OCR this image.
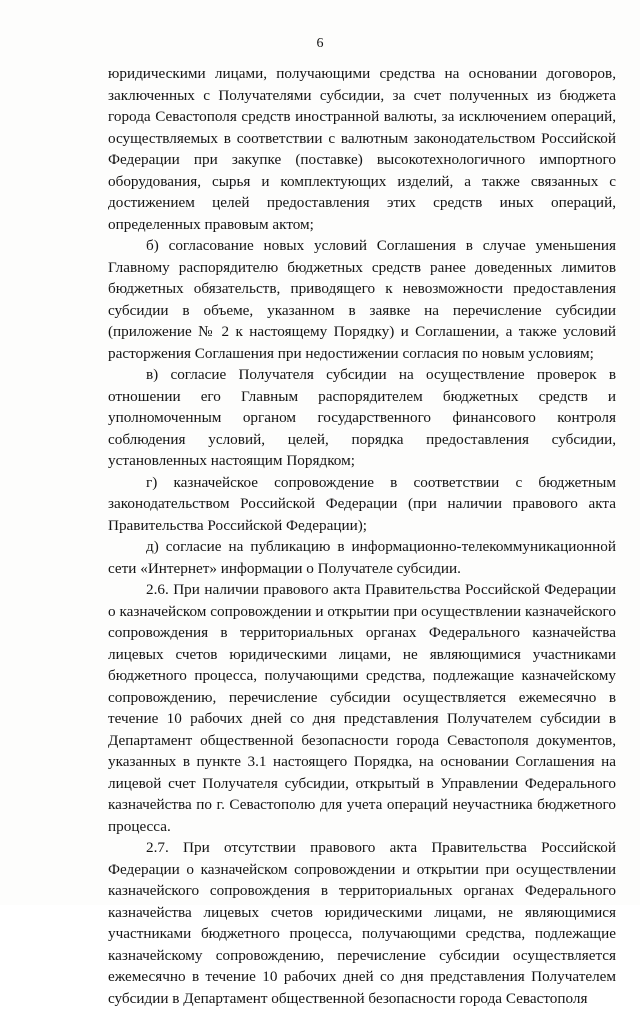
6

юридическими лицами, получающими средства на основании договоров, заключенных с Получателями субсидии, за счет полученных из бюджета города Севастополя средств иностранной валюты, за исключением операций, осуществляемых в соответствии с валютным законодательством Российской Федерации при закупке (поставке) высокотехнологичного импортного оборудования, сырья и комплектующих изделий, а также связанных с достижением целей предоставления этих средств иных операций, определенных правовым актом;

б) согласование новых условий Соглашения в случае уменьшения Главному распорядителю бюджетных средств ранее доведенных лимитов бюджетных обязательств, приводящего к невозможности предоставления субсидии в объеме, указанном в заявке на перечисление субсидии (приложение № 2 к настоящему Порядку) и Соглашении, а также условий расторжения Соглашения при недостижении согласия по новым условиям;

в) согласие Получателя субсидии на осуществление проверок в отношении его Главным распорядителем бюджетных средств и уполномоченным органом государственного финансового контроля соблюдения условий, целей, порядка предоставления субсидии, установленных настоящим Порядком;

г) казначейское сопровождение в соответствии с бюджетным законодательством Российской Федерации (при наличии правового акта Правительства Российской Федерации);

д) согласие на публикацию в информационно-телекоммуникационной сети «Интернет» информации о Получателе субсидии.

2.6. При наличии правового акта Правительства Российской Федерации о казначейском сопровождении и открытии при осуществлении казначейского сопровождения в территориальных органах Федерального казначейства лицевых счетов юридическими лицами, не являющимися участниками бюджетного процесса, получающими средства, подлежащие казначейскому сопровождению, перечисление субсидии осуществляется ежемесячно в течение 10 рабочих дней со дня представления Получателем субсидии в Департамент общественной безопасности города Севастополя документов, указанных в пункте 3.1 настоящего Порядка, на основании Соглашения на лицевой счет Получателя субсидии, открытый в Управлении Федерального казначейства по г. Севастополю для учета операций неучастника бюджетного процесса.

2.7. При отсутствии правового акта Правительства Российской Федерации о казначейском сопровождении и открытии при осуществлении казначейского сопровождения в территориальных органах Федерального казначейства лицевых счетов юридическими лицами, не являющимися участниками бюджетного процесса, получающими средства, подлежащие казначейскому сопровождению, перечисление субсидии осуществляется ежемесячно в течение 10 рабочих дней со дня представления Получателем субсидии в Департамент общественной безопасности города Севастополя
